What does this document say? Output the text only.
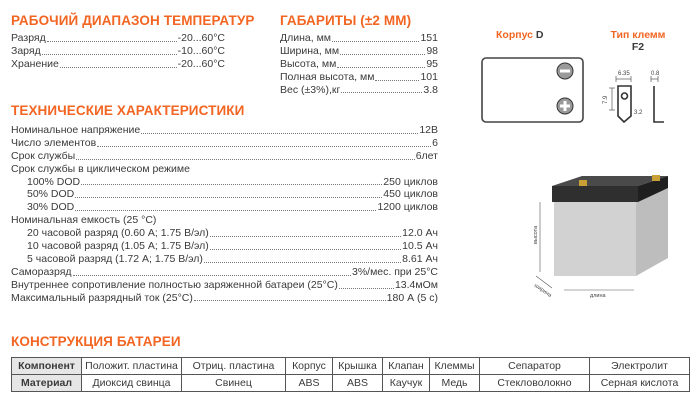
РАБОЧИЙ ДИАПАЗОН ТЕМПЕРАТУР
Разряд	-20...60°С
Заряд	-10...60°С
Хранение	-20...60°С
ГАБАРИТЫ (±2 ММ)
Длина, мм	151
Ширина, мм	98
Высота, мм	95
Полная высота, мм	101
Вес (±3%),кг	3.8
ТЕХНИЧЕСКИЕ ХАРАКТЕРИСТИКИ
Номинальное напряжение	12В
Число элементов	6
Срок службы	6лет
Срок службы в циклическом режиме
100% DOD	250 циклов
50% DOD	450 циклов
30% DOD	1200 циклов
Номинальная емкость (25 °С)
20 часовой разряд (0.60 А; 1.75 В/эл)	12.0 Ач
10 часовой разряд (1.05 А; 1.75 В/эл)	10.5 Ач
5 часовой разряд (1.72 А; 1.75 В/эл)	8.61 Ач
Саморазряд	3%/мес. при 25°С
Внутреннее сопротивление полностью заряженной батареи (25°С)	13.4мОм
Максимальный разрядный ток (25°С)	180 А (5 с)
Корпус D	Тип клемм
F2
6.35	0.8
7.9
3.2
высота
ширина	длина
КОНСТРУКЦИЯ БАТАРЕИ
Компонент	Положит. пластина	Отриц. пластина	Корпус	Крышка	Клапан	Клеммы	Сепаратор	Электролит
Материал	Диоксид свинца	Свинец	ABS	ABS	Каучук	Медь	Стекловолокно	Серная кислота
